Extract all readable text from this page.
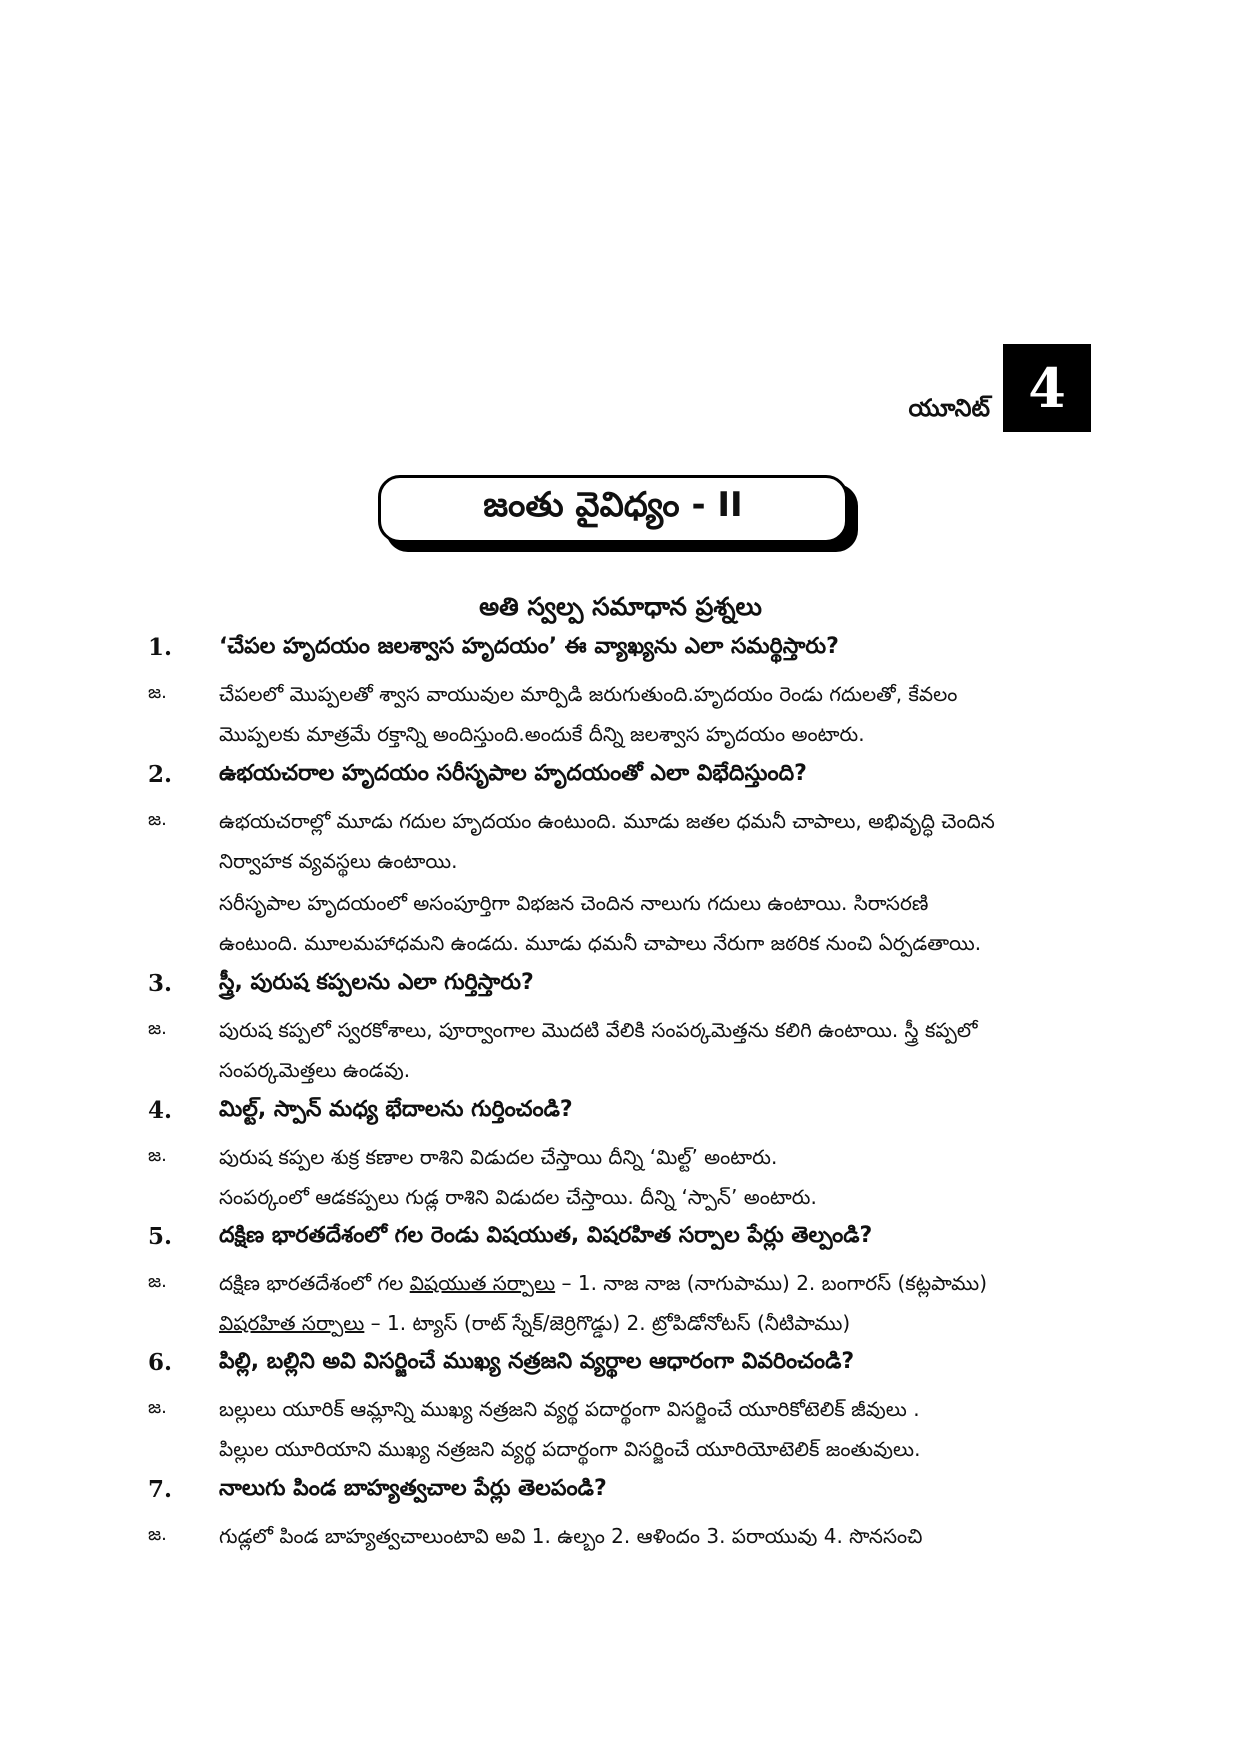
యూనిట్ 4
జంతు వైవిధ్యం - II
అతి స్వల్ప సమాధాన ప్రశ్నలు
1. ‘చేపల హృదయం జలశ్వాస హృదయం’ ఈ వ్యాఖ్యను ఎలా సమర్థిస్తారు?
జ.	చేపలలో మొప్పలతో శ్వాస వాయువుల మార్పిడి జరుగుతుంది.హృదయం రెండు గదులతో, కేవలం
మొప్పలకు మాత్రమే రక్తాన్ని అందిస్తుంది.అందుకే దీన్ని జలశ్వాస హృదయం అంటారు.
2. ఉభయచరాల హృదయం సరీసృపాల హృదయంతో ఎలా విభేదిస్తుంది?
జ.	ఉభయచరాల్లో మూడు గదుల హృదయం ఉంటుంది. మూడు జతల ధమనీ చాపాలు, అభివృద్ధి చెందిన
నిర్వాహక వ్యవస్థలు ఉంటాయి.
సరీసృపాల హృదయంలో అసంపూర్తిగా విభజన చెందిన నాలుగు గదులు ఉంటాయి. సిరాసరణి
ఉంటుంది. మూలమహాధమని ఉండదు. మూడు ధమనీ చాపాలు నేరుగా జఠరిక నుంచి ఏర్పడతాయి.
3. స్త్రీ, పురుష కప్పలను ఎలా గుర్తిస్తారు?
జ.	పురుష కప్పలో స్వరకోశాలు, పూర్వాంగాల మొదటి వేలికి సంపర్కమెత్తను కలిగి ఉంటాయి. స్త్రీ కప్పలో
సంపర్కమెత్తలు ఉండవు.
4. మిల్ట్, స్పాన్ మధ్య భేదాలను గుర్తించండి?
జ.	పురుష కప్పల శుక్ర కణాల రాశిని విడుదల చేస్తాయి దీన్ని ‘మిల్ట్’ అంటారు.
సంపర్కంలో ఆడకప్పలు గుడ్ల రాశిని విడుదల చేస్తాయి. దీన్ని ‘స్పాన్’ అంటారు.
5. దక్షిణ భారతదేశంలో గల రెండు విషయుత, విషరహిత సర్పాల పేర్లు తెల్పండి?
జ.	దక్షిణ భారతదేశంలో గల విషయుత సర్పాలు – 1. నాజ నాజ (నాగుపాము) 2. బంగారస్ (కట్లపాము)
విషరహిత సర్పాలు – 1. ట్యాస్ (రాట్ స్నేక్/జెర్రిగొడ్డు) 2. ట్రోపిడోనోటస్ (నీటిపాము)
6. పిల్లి, బల్లిని అవి విసర్జించే ముఖ్య నత్రజని వ్యర్థాల ఆధారంగా వివరించండి?
జ.	బల్లులు యూరిక్ ఆమ్లాన్ని ముఖ్య నత్రజని వ్యర్థ పదార్థంగా విసర్జించే యూరికోటెలిక్ జీవులు .
పిల్లుల యూరియాని ముఖ్య నత్రజని వ్యర్థ పదార్థంగా విసర్జించే యూరియోటెలిక్ జంతువులు.
7. నాలుగు పిండ బాహ్యత్వచాల పేర్లు తెలపండి?
జ.	గుడ్లలో పిండ బాహ్యత్వచాలుంటావి అవి 1. ఉల్బం 2. ఆళిందం 3. పరాయువు 4. సొనసంచి
